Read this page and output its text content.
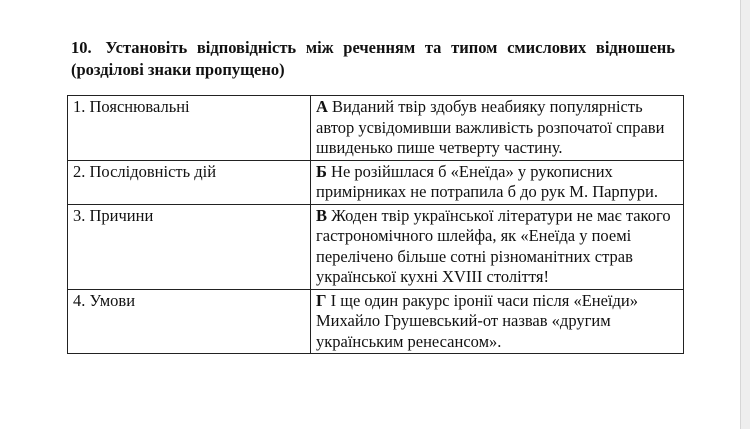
10. Установіть відповідність між реченням та типом смислових відношень (розділові знаки пропущено)
1. Пояснювальні	А Виданий твір здобув неабияку популярність автор усвідомивши важливість розпочатої справи швиденько пише четверту частину.
2. Послідовність дій	Б Не розійшлася б «Енеїда» у рукописних примірниках не потрапила б до рук М. Парпури.
3. Причини	В Жоден твір української літератури не має такого гастрономічного шлейфа, як «Енеїда у поемі перелічено більше сотні різноманітних страв української кухні XVIII століття!
4. Умови	Г І ще один ракурс іронії часи після «Енеїди» Михайло Грушевський-от назвав «другим українським ренесансом».
